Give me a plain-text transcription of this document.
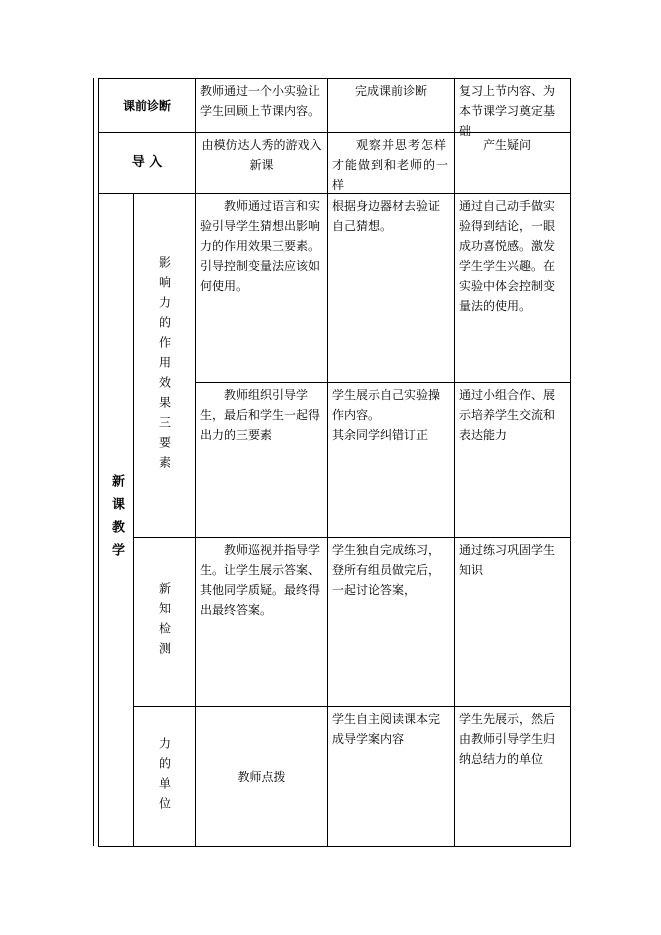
课前诊断
教师通过一个小实验让学生回顾上节课内容。
完成课前诊断	复习上节内容、为本节课学习奠定基础
导 入
由模仿达人秀的游戏入新课
观察并思考怎样才能做到和老师的一样
产生疑问
新课教学
影响力的作用效果三要素
教师通过语言和实验引导学生猜想出影响力的作用效果三要素。引导控制变量法应该如何使用。
根据身边器材去验证自己猜想。
通过自己动手做实验得到结论，一眼成功喜悦感。激发学生学生兴趣。在实验中体会控制变量法的使用。
教师组织引导学生，最后和学生一起得出力的三要素
学生展示自己实验操作内容。
其余同学纠错订正
通过小组合作、展示培养学生交流和表达能力
新知检测
教师巡视并指导学生。让学生展示答案、其他同学质疑。最终得出最终答案。
学生独自完成练习，登所有组员做完后，一起讨论答案，
通过练习巩固学生知识
力的单位	教师点拨
学生自主阅读课本完成导学案内容
学生先展示，然后由教师引导学生归纳总结力的单位
